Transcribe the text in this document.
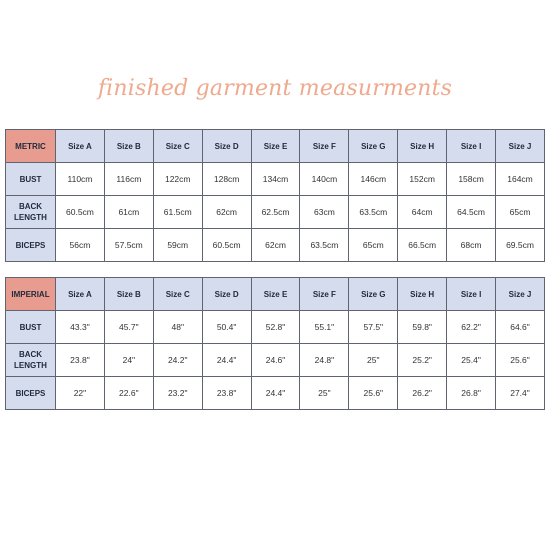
finished garment measurments
METRIC	Size A	Size B	Size C	Size D	Size E	Size F	Size G	Size H	Size I	Size J

BUST	110cm	116cm	122cm	128cm	134cm	140cm	146cm	152cm	158cm	164cm

BACK
LENGTH	60.5cm	61cm	61.5cm	62cm	62.5cm	63cm	63.5cm	64cm	64.5cm	65cm

BICEPS	56cm	57.5cm	59cm	60.5cm	62cm	63.5cm	65cm	66.5cm	68cm	69.5cm
IMPERIAL	Size A	Size B	Size C	Size D	Size E	Size F	Size G	Size H	Size I	Size J

BUST	43.3"	45.7"	48"	50.4"	52.8"	55.1"	57.5"	59.8"	62.2"	64.6"

BACK
LENGTH	23.8"	24"	24.2"	24.4"	24.6"	24.8"	25"	25.2"	25.4"	25.6"

BICEPS	22"	22.6"	23.2"	23.8"	24.4"	25"	25.6"	26.2"	26.8"	27.4"
